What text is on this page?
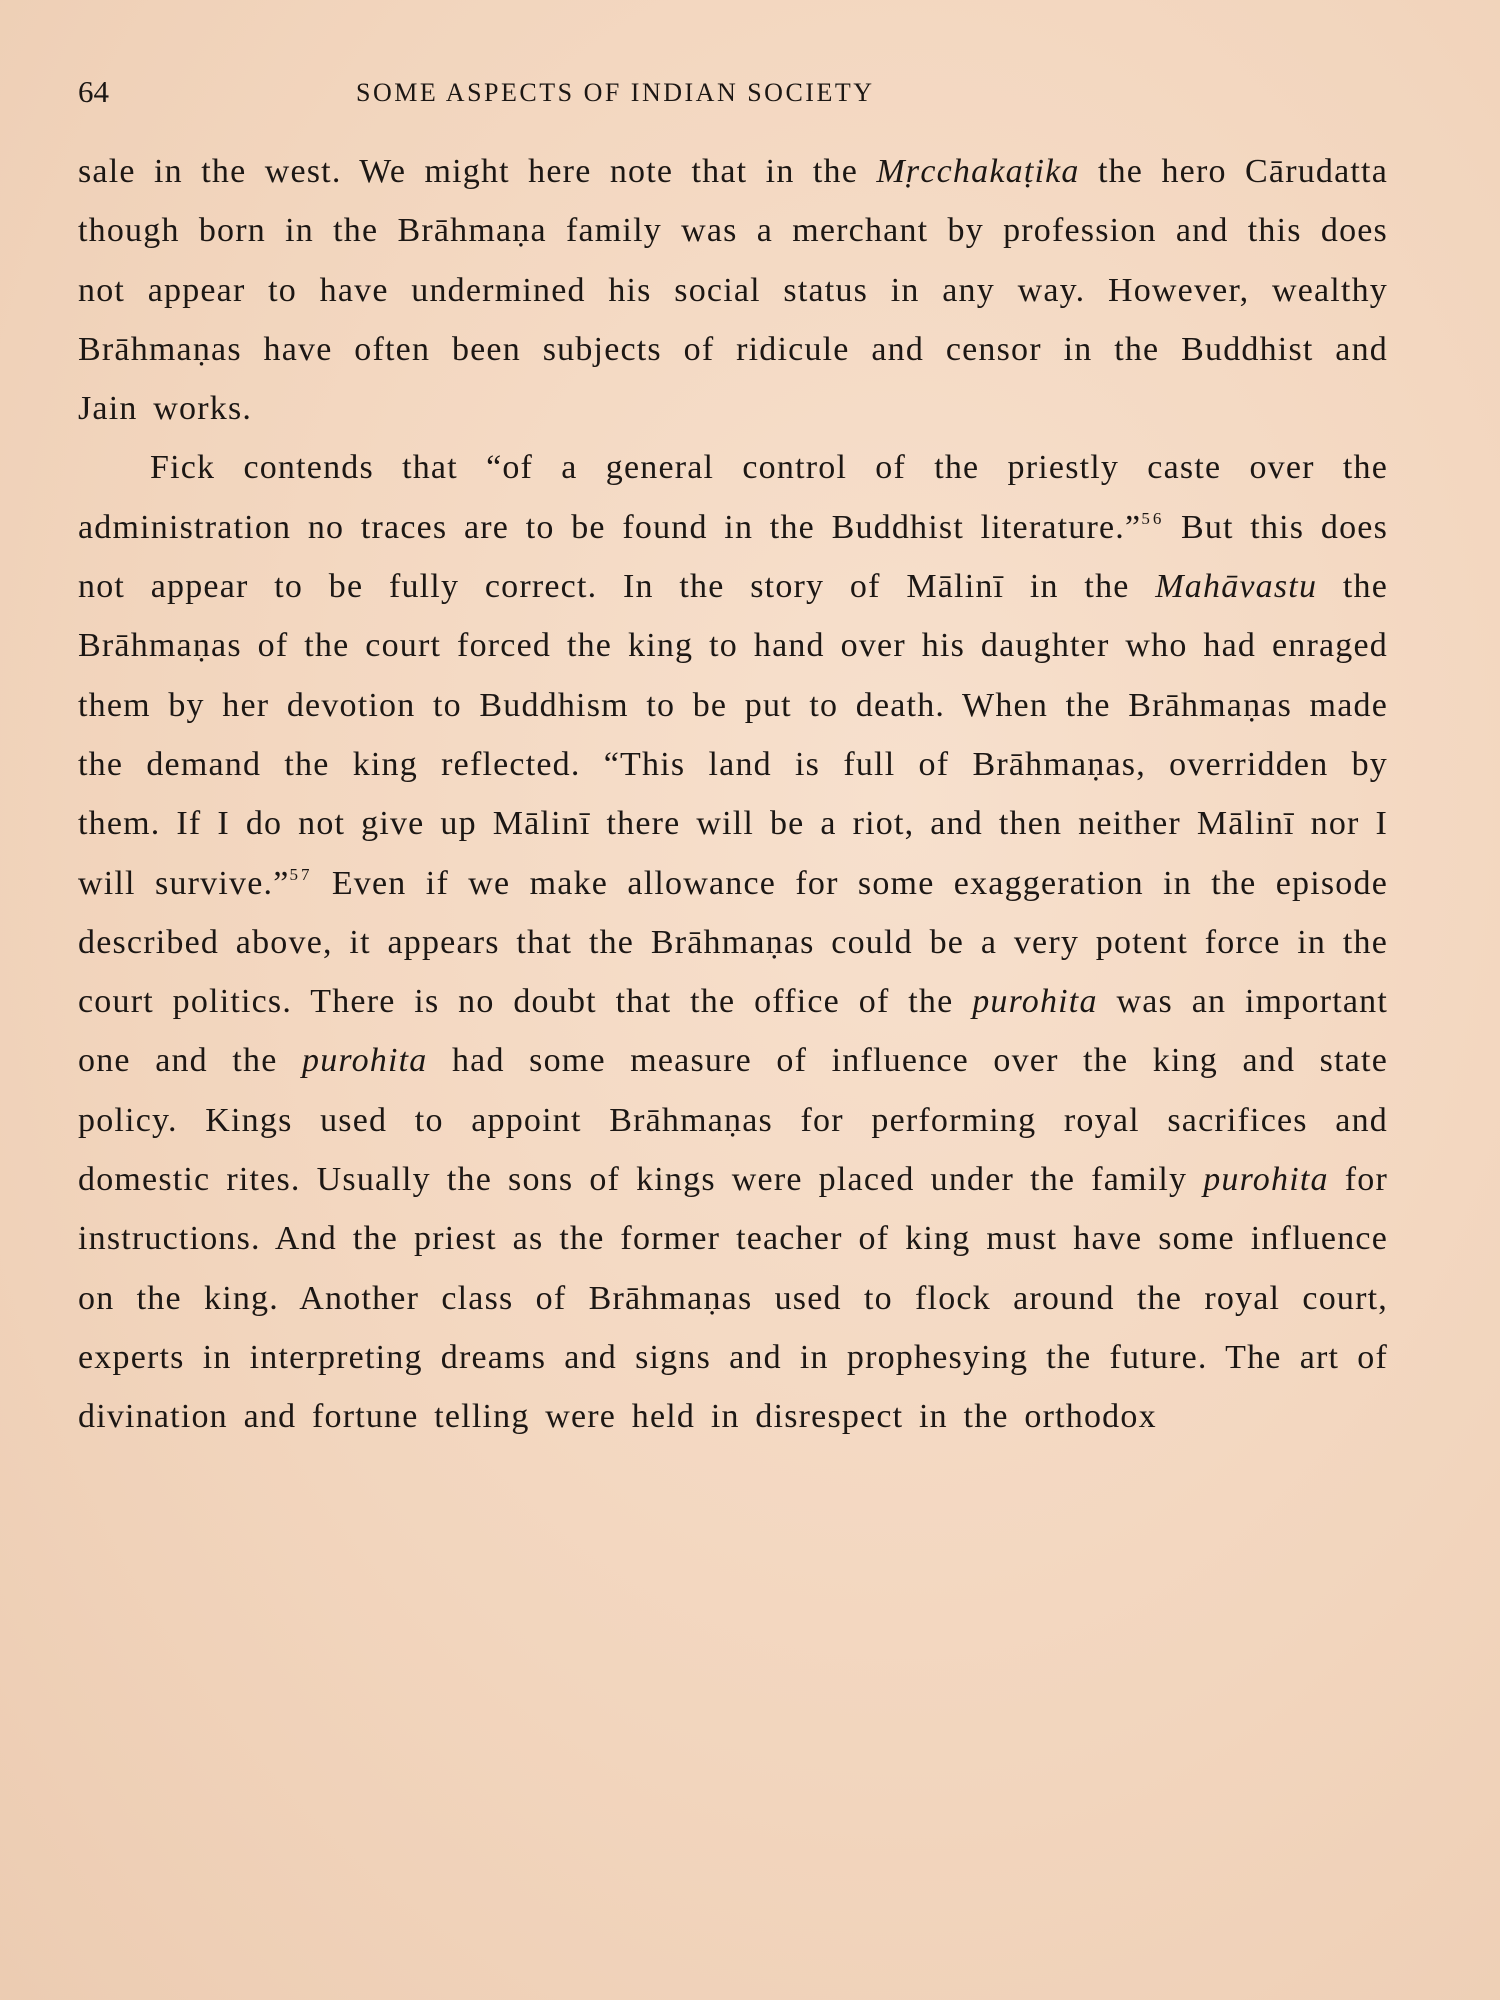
64	SOME ASPECTS OF INDIAN SOCIETY

sale in the west. We might here note that in the Mṛcchakaṭika the hero Cārudatta though born in the Brāhmaṇa family was a merchant by profession and this does not appear to have undermined his social status in any way. However, wealthy Brāhmaṇas have often been subjects of ridicule and censor in the Buddhist and Jain works.

Fick contends that “of a general control of the priestly caste over the administration no traces are to be found in the Buddhist literature.”$^{56}$ But this does not appear to be fully correct. In the story of Mālinī in the Mahāvastu the Brāhmaṇas of the court forced the king to hand over his daughter who had enraged them by her devotion to Buddhism to be put to death. When the Brāhmaṇas made the demand the king reflected. “This land is full of Brāhmaṇas, overridden by them. If I do not give up Mālinī there will be a riot, and then neither Mālinī nor I will survive.”$^{57}$ Even if we make allowance for some exaggeration in the episode described above, it appears that the Brāhmaṇas could be a very potent force in the court politics. There is no doubt that the office of the purohita was an important one and the purohita had some measure of influence over the king and state policy. Kings used to appoint Brāhmaṇas for performing royal sacrifices and domestic rites. Usually the sons of kings were placed under the family purohita for instructions. And the priest as the former teacher of king must have some influence on the king. Another class of Brāhmaṇas used to flock around the royal court, experts in interpreting dreams and signs and in prophesying the future. The art of divination and fortune telling were held in disrespect in the orthodox
